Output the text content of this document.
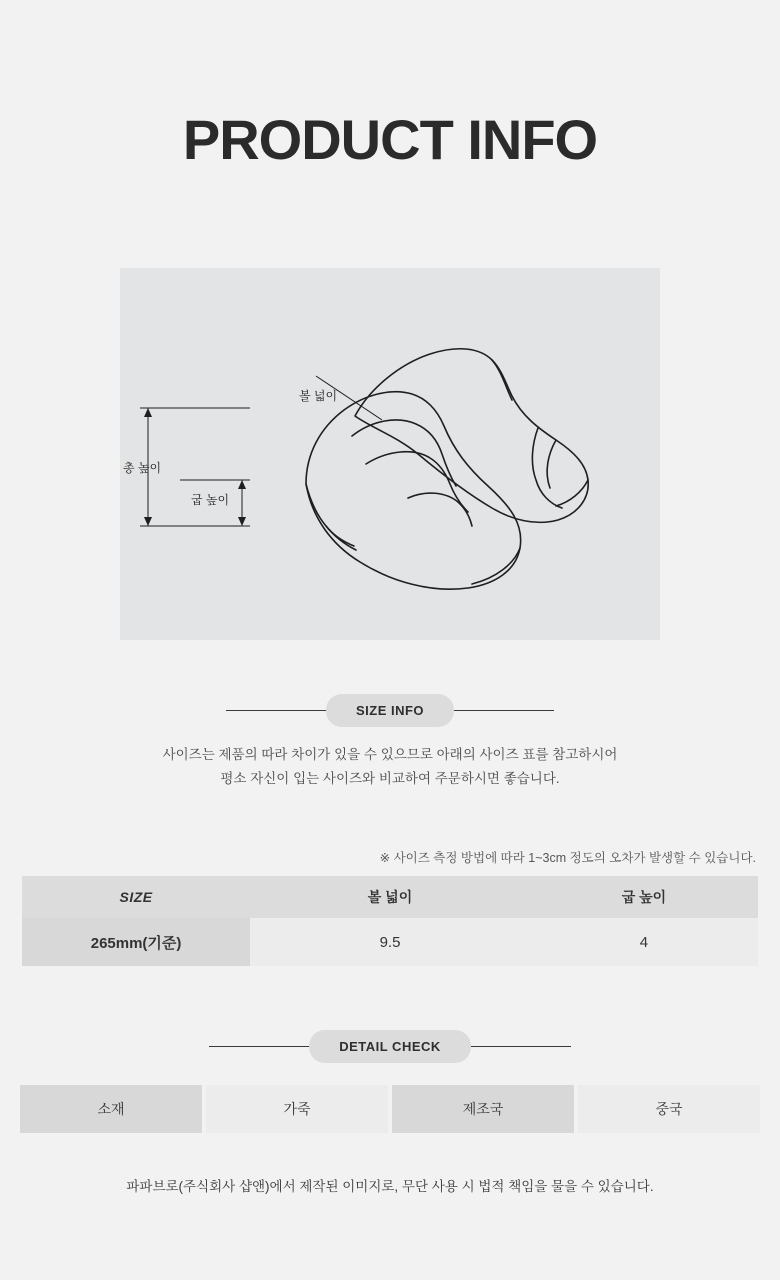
PRODUCT INFO
볼 넓이
총 높이
굽 높이
SIZE INFO
사이즈는 제품의 따라 차이가 있을 수 있으므로 아래의 사이즈 표를 참고하시어
평소 자신이 입는 사이즈와 비교하여 주문하시면 좋습니다.
※ 사이즈 측정 방법에 따라 1~3cm 정도의 오차가 발생할 수 있습니다.
SIZE		볼 넓이		굽 높이
265mm(기준)		9.5		4
DETAIL CHECK
소재	가죽	제조국	중국
파파브로(주식회사 샵앤)에서 제작된 이미지로, 무단 사용 시 법적 책임을 물을 수 있습니다.
